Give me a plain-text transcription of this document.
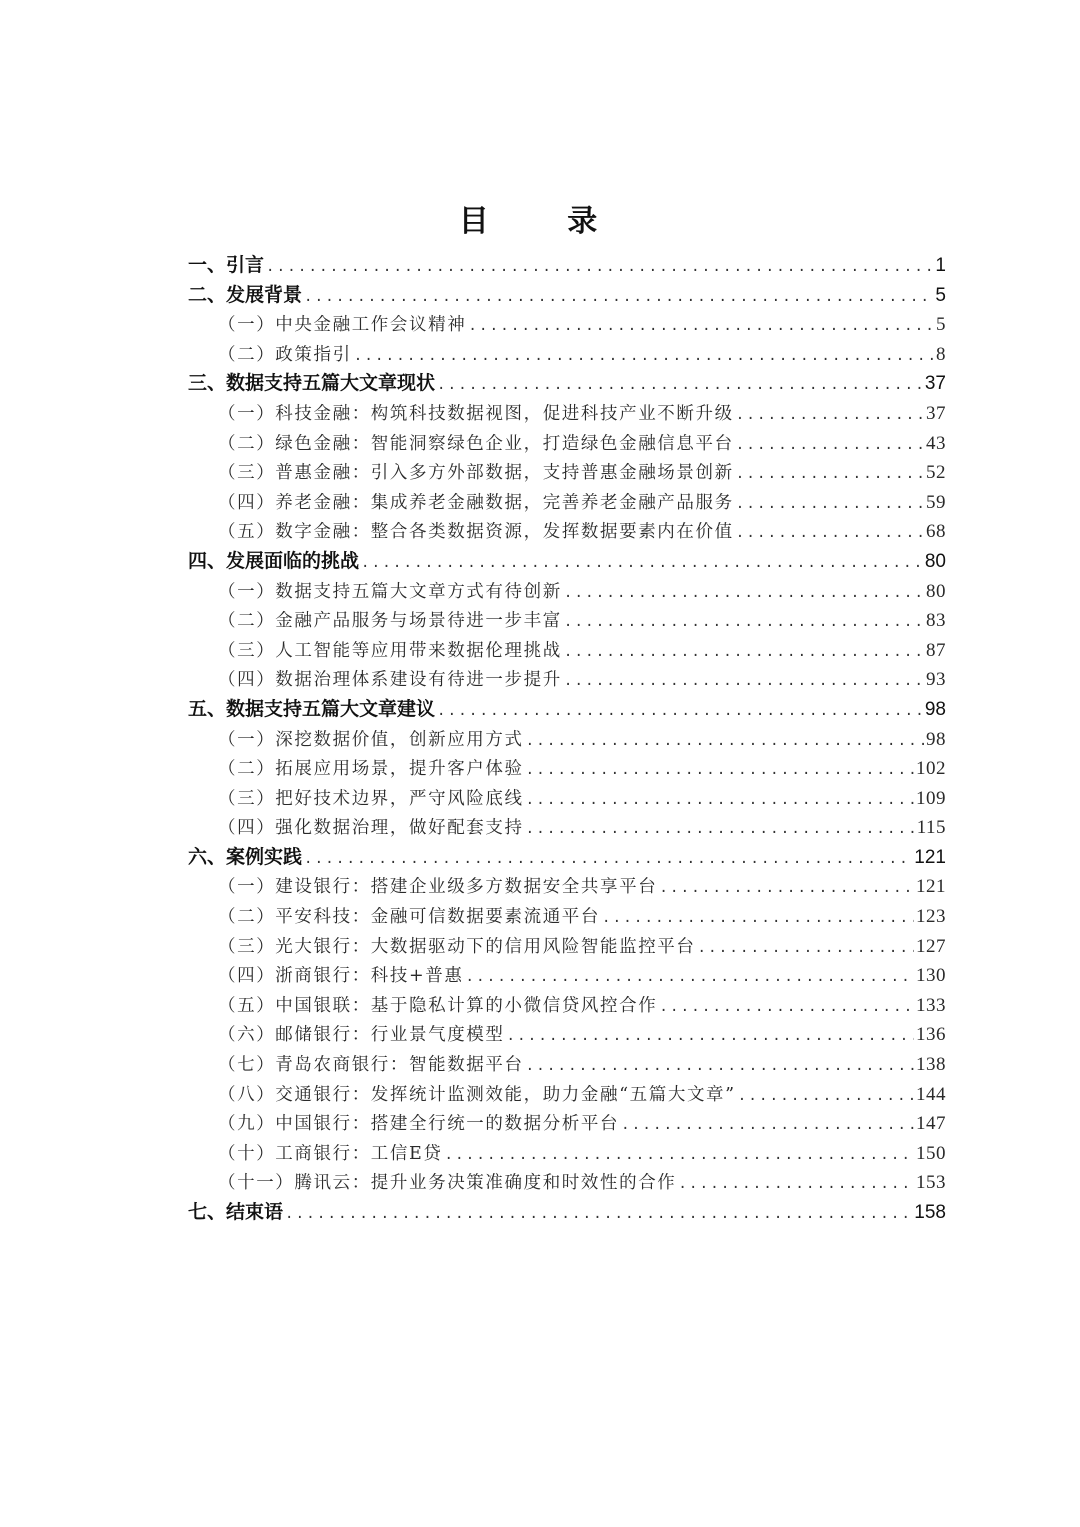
目 录
一、引言 .....	1
二、发展背景 .....	5
（一）中央金融工作会议精神 .....	5
（二）政策指引 .....	8
三、数据支持五篇大文章现状 .....	37
（一）科技金融：构筑科技数据视图，促进科技产业不断升级 .....	37
（二）绿色金融：智能洞察绿色企业，打造绿色金融信息平台 .....	43
（三）普惠金融：引入多方外部数据，支持普惠金融场景创新 .....	52
（四）养老金融：集成养老金融数据，完善养老金融产品服务 .....	59
（五）数字金融：整合各类数据资源，发挥数据要素内在价值 .....	68
四、发展面临的挑战 .....	80
（一）数据支持五篇大文章方式有待创新 .....	80
（二）金融产品服务与场景待进一步丰富 .....	83
（三）人工智能等应用带来数据伦理挑战 .....	87
（四）数据治理体系建设有待进一步提升 .....	93
五、数据支持五篇大文章建议 .....	98
（一）深挖数据价值，创新应用方式 .....	98
（二）拓展应用场景，提升客户体验 .....	102
（三）把好技术边界，严守风险底线 .....	109
（四）强化数据治理，做好配套支持 .....	115
六、案例实践 .....	121
（一）建设银行：搭建企业级多方数据安全共享平台 .....	121
（二）平安科技：金融可信数据要素流通平台 .....	123
（三）光大银行：大数据驱动下的信用风险智能监控平台 .....	127
（四）浙商银行：科技+普惠 .....	130
（五）中国银联：基于隐私计算的小微信贷风控合作 .....	133
（六）邮储银行：行业景气度模型 .....	136
（七）青岛农商银行：智能数据平台 .....	138
（八）交通银行：发挥统计监测效能，助力金融“五篇大文章” .....	144
（九）中国银行：搭建全行统一的数据分析平台 .....	147
（十）工商银行：工信E贷 .....	150
（十一）腾讯云：提升业务决策准确度和时效性的合作 .....	153
七、结束语 .....	158
